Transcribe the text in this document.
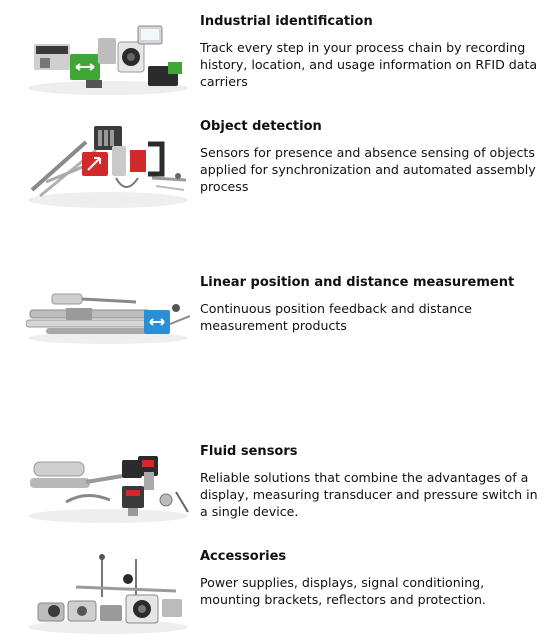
Industrial identification

Track every step in your process chain by recording history, location, and usage information on RFID data carriers

Object detection

Sensors for presence and absence sensing of objects applied for synchronization and automated assembly process

Linear position and distance measurement

Continuous position feedback and distance measurement products

Fluid sensors

Reliable solutions that combine the advantages of a display, measuring transducer and pressure switch in a single device.

Accessories

Power supplies, displays, signal conditioning, mounting brackets, reflectors and protection.
